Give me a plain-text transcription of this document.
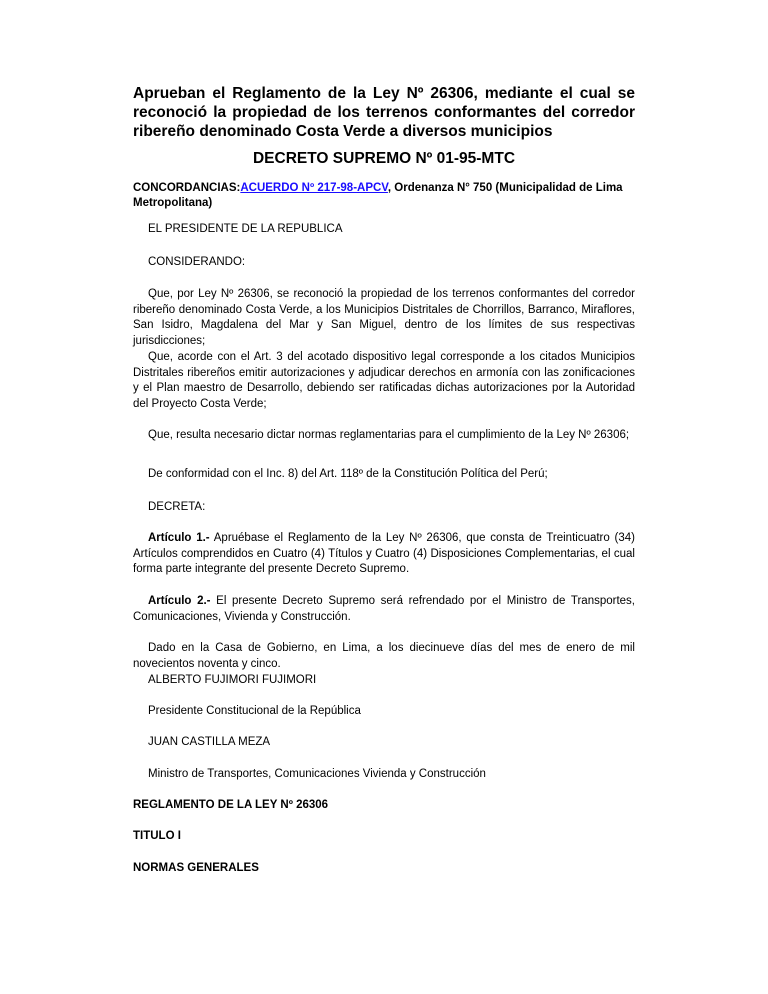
Aprueban el Reglamento de la Ley Nº 26306, mediante el cual se reconoció la propiedad de los terrenos conformantes del corredor ribereño denominado Costa Verde a diversos municipios

DECRETO SUPREMO Nº 01-95-MTC

CONCORDANCIAS:ACUERDO Nº 217-98-APCV, Ordenanza N° 750 (Municipalidad de Lima Metropolitana)

EL PRESIDENTE DE LA REPUBLICA

CONSIDERANDO:

Que, por Ley Nº 26306, se reconoció la propiedad de los terrenos conformantes del corredor ribereño denominado Costa Verde, a los Municipios Distritales de Chorrillos, Barranco, Miraflores, San Isidro, Magdalena del Mar y San Miguel, dentro de los límites de sus respectivas jurisdicciones;

Que, acorde con el Art. 3 del acotado dispositivo legal corresponde a los citados Municipios Distritales ribereños emitir autorizaciones y adjudicar derechos en armonía con las zonificaciones y el Plan maestro de Desarrollo, debiendo ser ratificadas dichas autorizaciones por la Autoridad del Proyecto Costa Verde;

Que, resulta necesario dictar normas reglamentarias para el cumplimiento de la Ley Nº 26306;

De conformidad con el Inc. 8) del Art. 118º de la Constitución Política del Perú;

DECRETA:

Artículo 1.- Apruébase el Reglamento de la Ley Nº 26306, que consta de Treinticuatro (34) Artículos comprendidos en Cuatro (4) Títulos y Cuatro (4) Disposiciones Complementarias, el cual forma parte integrante del presente Decreto Supremo.

Artículo 2.- El presente Decreto Supremo será refrendado por el Ministro de Transportes, Comunicaciones, Vivienda y Construcción.

Dado en la Casa de Gobierno, en Lima, a los diecinueve días del mes de enero de mil novecientos noventa y cinco.

ALBERTO FUJIMORI FUJIMORI

Presidente Constitucional de la República

JUAN CASTILLA MEZA

Ministro de Transportes, Comunicaciones Vivienda y Construcción

REGLAMENTO DE LA LEY Nº 26306

TITULO I

NORMAS GENERALES
